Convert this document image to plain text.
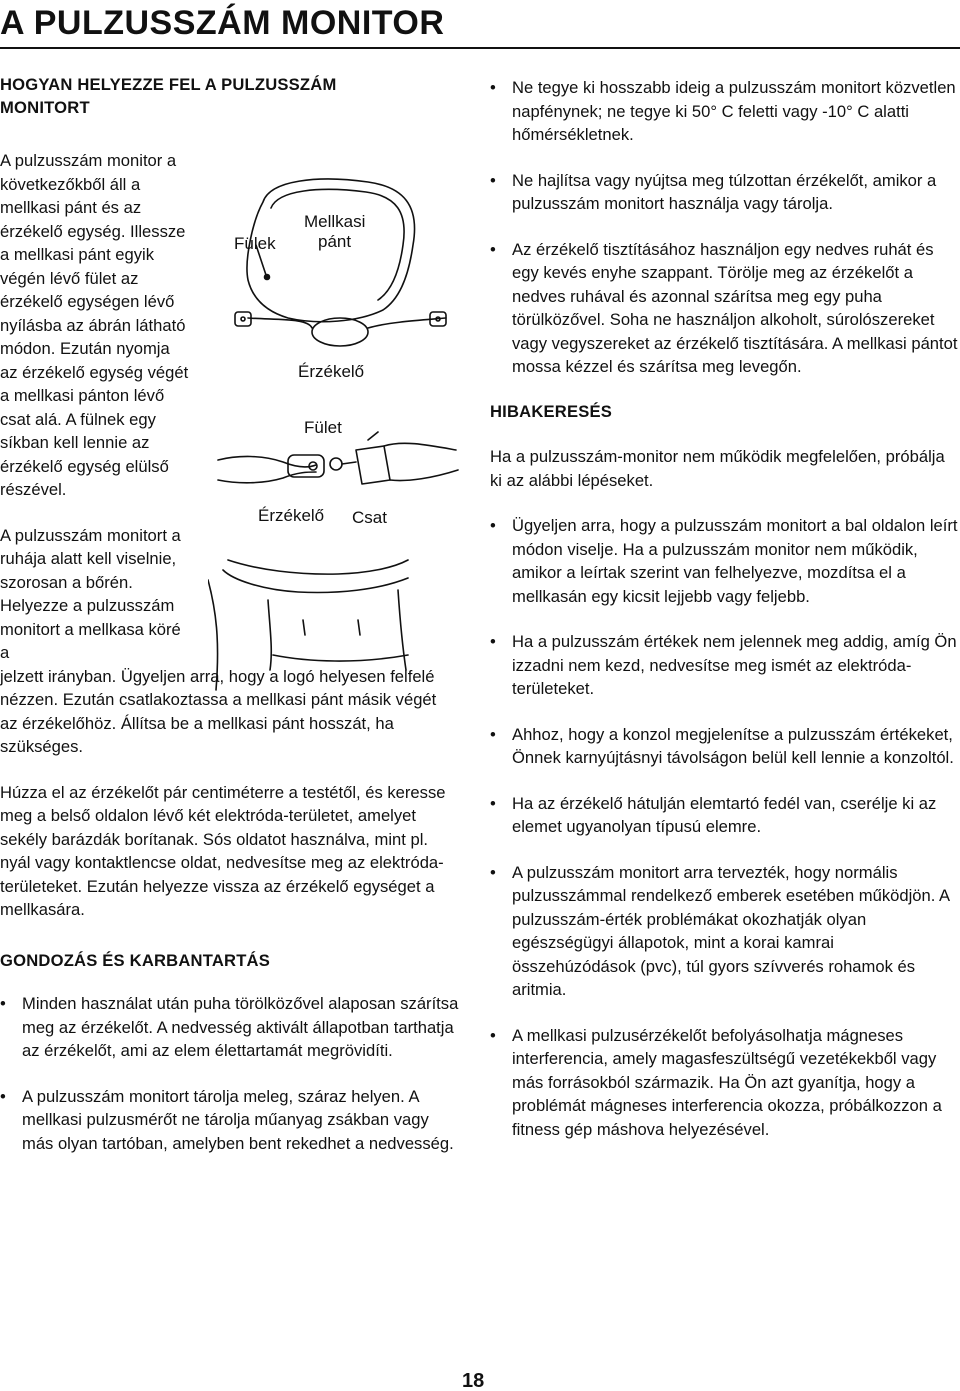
A PULZUSSZÁM MONITOR
HOGYAN HELYEZZE FEL A PULZUSSZÁM MONITORT

A pulzusszám monitor a következőkből áll a mellkasi pánt és az érzékelő egység. Illessze a mellkasi pánt egyik végén lévő fület az érzékelő egységen lévő nyílásba az ábrán látható módon. Ezután nyomja az érzékelő egység végét a mellkasi pánton lévő csat alá. A fülnek egy síkban kell lennie az érzékelő egység elülső részével.

A pulzusszám monitort a ruhája alatt kell viselnie, szorosan a bőrén. Helyezze a pulzusszám monitort a mellkasa köré a

jelzett irányban. Ügyeljen arra, hogy a logó helyesen felfelé nézzen. Ezután csatlakoztassa a mellkasi pánt másik végét az érzékelőhöz. Állítsa be a mellkasi pánt hosszát, ha szükséges.

Húzza el az érzékelőt pár centiméterre a testétől, és keresse meg a belső oldalon lévő két elektróda-területet, amelyet sekély barázdák borítanak. Sós oldatot használva, mint pl. nyál vagy kontaktlencse oldat, nedvesítse meg az elektróda-területeket. Ezután helyezze vissza az érzékelő egységet a mellkasára.

GONDOZÁS ÉS KARBANTARTÁS
• Minden használat után puha törölközővel alaposan szárítsa meg az érzékelőt. A nedvesség aktivált állapotban tarthatja az érzékelőt, ami az elem élettartamát megrövidíti.
• A pulzusszám monitort tárolja meleg, száraz helyen. A mellkasi pulzusmérőt ne tárolja műanyag zsákban vagy más olyan tartóban, amelyben bent rekedhet a nedvesség.
Fülek
Mellkasi
pánt
Érzékelő
Fület
Érzékelő Csat
• Ne tegye ki hosszabb ideig a pulzusszám monitort közvetlen napfénynek; ne tegye ki 50° C feletti vagy -10° C alatti hőmérsékletnek.
• Ne hajlítsa vagy nyújtsa meg túlzottan érzékelőt, amikor a pulzusszám monitort használja vagy tárolja.
• Az érzékelő tisztításához használjon egy nedves ruhát és egy kevés enyhe szappant. Törölje meg az érzékelőt a nedves ruhával és azonnal szárítsa meg egy puha törülközővel. Soha ne használjon alkoholt, súrolószereket vagy vegyszereket az érzékelő tisztítására. A mellkasi pántot mossa kézzel és szárítsa meg levegőn.
HIBAKERESÉS

Ha a pulzusszám-monitor nem működik megfelelően, próbálja ki az alábbi lépéseket.

• Ügyeljen arra, hogy a pulzusszám monitort a bal oldalon leírt módon viselje. Ha a pulzusszám monitor nem működik, amikor a leírtak szerint van felhelyezve, mozdítsa el a mellkasán egy kicsit lejjebb vagy feljebb.
• Ha a pulzusszám értékek nem jelennek meg addig, amíg Ön izzadni nem kezd, nedvesítse meg ismét az elektróda- területeket.
• Ahhoz, hogy a konzol megjelenítse a pulzusszám értékeket, Önnek karnyújtásnyi távolságon belül kell lennie a konzoltól.
• Ha az érzékelő hátulján elemtartó fedél van, cserélje ki az elemet ugyanolyan típusú elemre.
• A pulzusszám monitort arra tervezték, hogy normális pulzusszámmal rendelkező emberek esetében működjön. A pulzusszám-érték problémákat okozhatják olyan egészségügyi állapotok, mint a korai kamrai összehúzódások (pvc), túl gyors szívverés rohamok és aritmia.
• A mellkasi pulzusérzékelőt befolyásolhatja mágneses interferencia, amely magasfeszültségű vezetékekből vagy más forrásokból származik. Ha Ön azt gyanítja, hogy a problémát mágneses interferencia okozza, próbálkozzon a fitness gép máshova helyezésével.
18
